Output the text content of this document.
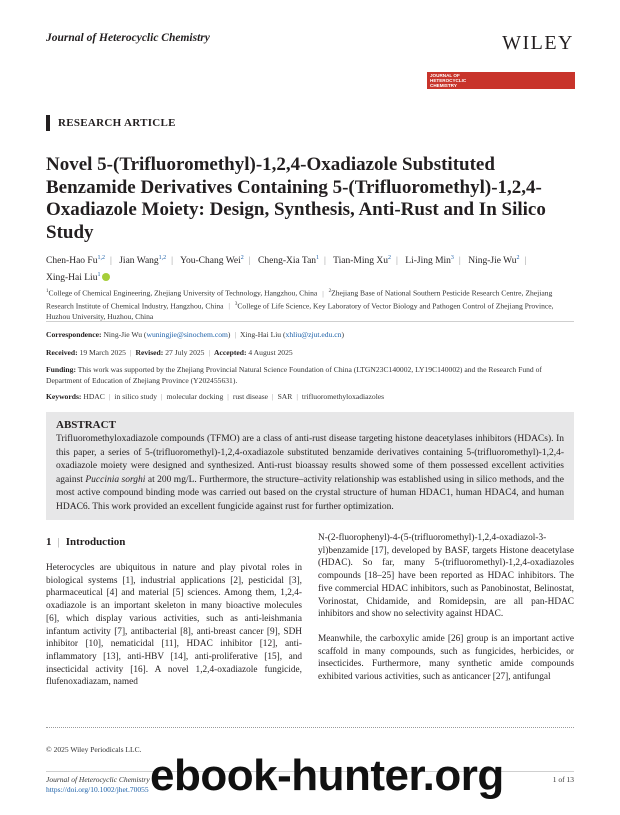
Journal of Heterocyclic Chemistry	WILEY
JOURNAL OF
HETEROCYCLIC
CHEMISTRY
RESEARCH ARTICLE
Novel 5-(Trifluoromethyl)-1,2,4-Oxadiazole Substituted Benzamide Derivatives Containing 5-(Trifluoromethyl)-1,2,4-Oxadiazole Moiety: Design, Synthesis, Anti-Rust and In Silico Study
Chen-Hao Fu$^{1,2}$ | Jian Wang$^{1,2}$ | You-Chang Wei$^2$ | Cheng-Xia Tan$^1$ | Tian-Ming Xu$^2$ | Li-Jing Min$^3$ | Ning-Jie Wu$^2$ |
Xing-Hai Liu$^1$
$^1$College of Chemical Engineering, Zhejiang University of Technology, Hangzhou, China | $^2$Zhejiang Base of National Southern Pesticide Research Centre, Zhejiang Research Institute of Chemical Industry, Hangzhou, China | $^3$College of Life Science, Key Laboratory of Vector Biology and Pathogen Control of Zhejiang Province, Huzhou University, Huzhou, China
Correspondence: Ning-Jie Wu (wuningjie@sinochem.com) | Xing-Hai Liu (xhliu@zjut.edu.cn)
Received: 19 March 2025 | Revised: 27 July 2025 | Accepted: 4 August 2025
Funding: This work was supported by the Zhejiang Provincial Natural Science Foundation of China (LTGN23C140002, LY19C140002) and the Research Fund of Department of Education of Zhejiang Province (Y202455631).
Keywords: HDAC | in silico study | molecular docking | rust disease | SAR | trifluoromethyloxadiazoles
ABSTRACT

Trifluoromethyloxadiazole compounds (TFMO) are a class of anti-rust disease targeting histone deacetylases inhibitors (HDACs). In this paper, a series of 5-(trifluoromethyl)-1,2,4-oxadiazole substituted benzamide derivatives containing 5-(trifluoromethyl)-1,2,4-oxadiazole moiety were designed and synthesized. Anti-rust bioassay results showed some of them possessed excellent activities against Puccinia sorghi at 200 mg/L. Furthermore, the structure–activity relationship was established using in silico methods, and the most active compound binding mode was carried out based on the crystal structure of human HDAC1, human HDAC4, and human HDAC6. This work provided an excellent fungicide against rust for further optimization.

1 | Introduction

Heterocycles are ubiquitous in nature and play pivotal roles in biological systems [1], industrial applications [2], pesticidal [3], pharmaceutical [4] and material [5] sciences. Among them, 1,2,4-oxadiazole is an important skeleton in many bioactive molecules [6], which display various activities, such as anti-leishmania infantum activity [7], antibacterial [8], anti-breast cancer [9], SDH inhibitor [10], nematicidal [11], HDAC inhibitor [12], anti-inflammatory [13], anti-HBV [14], anti-proliferative [15], and insecticidal activity [16]. A novel 1,2,4-oxadiazole fungicide, flufenoxadiazam, named

N-(2-fluorophenyl)-4-(5-(trifluoromethyl)-1,2,4-oxadiazol-3-yl)benzamide [17], developed by BASF, targets Histone deacetylase (HDAC). So far, many 5-(trifluoromethyl)-1,2,4-oxadiazoles compounds [18–25] have been reported as HDAC inhibitors. The five commercial HDAC inhibitors, such as Panobinostat, Belinostat, Vorinostat, Chidamide, and Romidepsin, are all pan-HDAC inhibitors and show no selectivity against HDAC.

Meanwhile, the carboxylic amide [26] group is an important active scaffold in many compounds, such as fungicides, herbicides, or insecticides. Furthermore, many synthetic amide compounds exhibited various activities, such as anticancer [27], antifungal

© 2025 Wiley Periodicals LLC.
Journal of Heterocyclic Chemistry
https://doi.org/10.1002/jhet.70055
1 of 13
ebook-hunter.org
